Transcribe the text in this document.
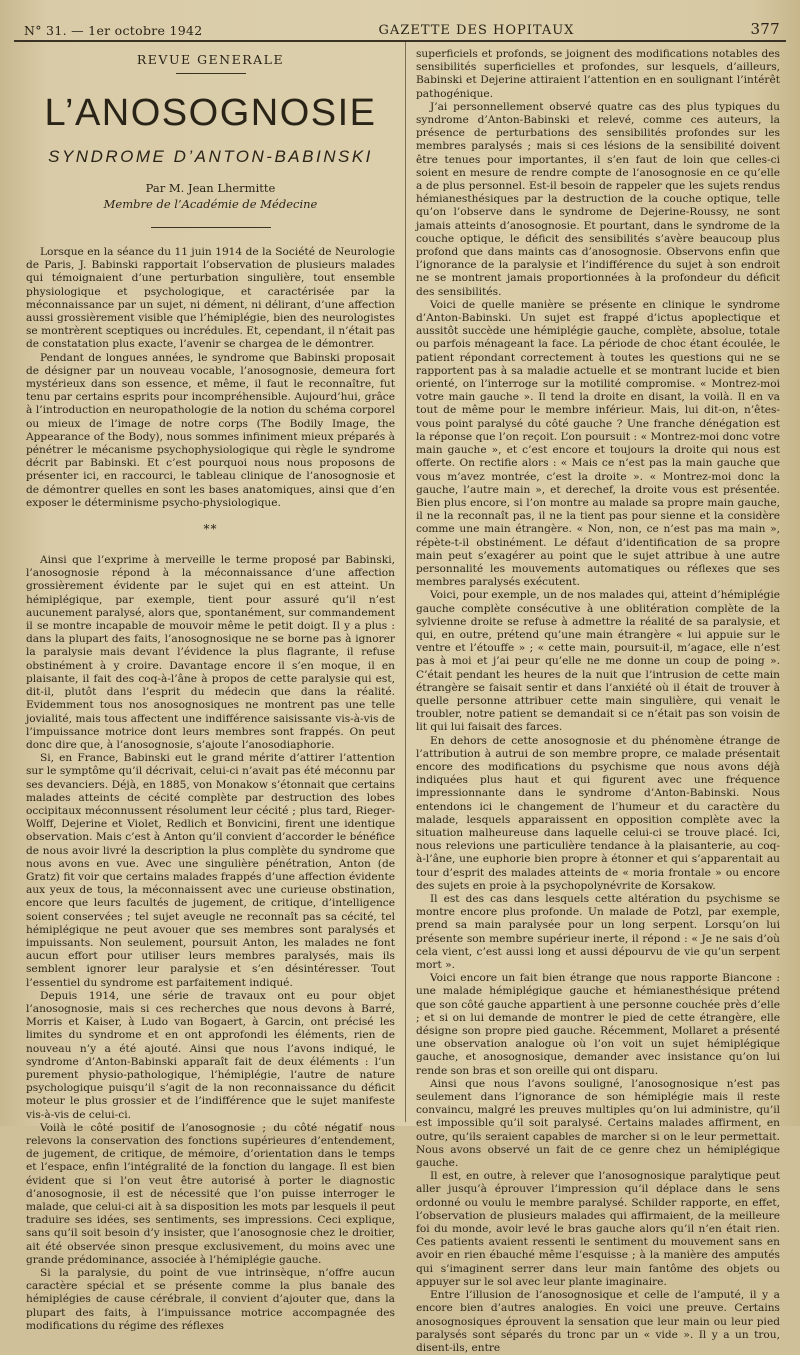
N° 31. — 1er octobre 1942	GAZETTE DES HOPITAUX	377
REVUE GENERALE
L’ANOSOGNOSIE
SYNDROME D’ANTON-BABINSKI

Par M. Jean Lhermitte

Membre de l’Académie de Médecine

Lorsque en la séance du 11 juin 1914 de la Société de Neurologie de Paris, J. Babinski rapportait l’observation de plusieurs malades qui témoignaient d’une perturbation singulière, tout ensemble physiologique et psychologique, et caractérisée par la méconnaissance par un sujet, ni dément, ni délirant, d’une affection aussi grossièrement visible que l’hémiplégie, bien des neurologistes se montrèrent sceptiques ou incrédules. Et, cependant, il n’était pas de constatation plus exacte, l’avenir se chargea de le démontrer.

Pendant de longues années, le syndrome que Babinski proposait de désigner par un nouveau vocable, l’anosognosie, demeura fort mystérieux dans son essence, et même, il faut le reconnaître, fut tenu par certains esprits pour incompréhensible. Aujourd’hui, grâce à l’introduction en neuropathologie de la notion du schéma corporel ou mieux de l’image de notre corps (The Bodily Image, the Appearance of the Body), nous sommes infiniment mieux préparés à pénétrer le mécanisme psychophysiologique qui règle le syndrome décrit par Babinski. Et c’est pourquoi nous nous proposons de présenter ici, en raccourci, le tableau clinique de l’anosognosie et de démontrer quelles en sont les bases anatomiques, ainsi que d’en exposer le déterminisme psycho-physiologique.

**

Ainsi que l’exprime à merveille le terme proposé par Babinski, l’anosognosie répond à la méconnaissance d’une affection grossièrement évidente par le sujet qui en est atteint. Un hémiplégique, par exemple, tient pour assuré qu’il n’est aucunement paralysé, alors que, spontanément, sur commandement il se montre incapable de mouvoir même le petit doigt. Il y a plus : dans la plupart des faits, l’anosognosique ne se borne pas à ignorer la paralysie mais devant l’évidence la plus flagrante, il refuse obstinément à y croire. Davantage encore il s’en moque, il en plaisante, il fait des coq-à-l’âne à propos de cette paralysie qui est, dit-il, plutôt dans l’esprit du médecin que dans la réalité. Evidemment tous nos anosognosiques ne montrent pas une telle jovialité, mais tous affectent une indifférence saisissante vis-à-vis de l’impuissance motrice dont leurs membres sont frappés. On peut donc dire que, à l’anosognosie, s’ajoute l’anosodiaphorie.

Si, en France, Babinski eut le grand mérite d’attirer l’attention sur le symptôme qu’il décrivait, celui-ci n’avait pas été méconnu par ses devanciers. Déjà, en 1885, von Monakow s’étonnait que certains malades atteints de cécité complète par destruction des lobes occipitaux méconnussent résolument leur cécité ; plus tard, Rieger-Wolff, Dejerine et Violet, Redlich et Bonvicini, firent une identique observation. Mais c’est à Anton qu’il convient d’accorder le bénéfice de nous avoir livré la description la plus complète du syndrome que nous avons en vue. Avec une singulière pénétration, Anton (de Gratz) fit voir que certains malades frappés d’une affection évidente aux yeux de tous, la méconnaissent avec une curieuse obstination, encore que leurs facultés de jugement, de critique, d’intelligence soient conservées ; tel sujet aveugle ne reconnaît pas sa cécité, tel hémiplégique ne peut avouer que ses membres sont paralysés et impuissants. Non seulement, poursuit Anton, les malades ne font aucun effort pour utiliser leurs membres paralysés, mais ils semblent ignorer leur paralysie et s’en désintéresser. Tout l’essentiel du syndrome est parfaitement indiqué.

Depuis 1914, une série de travaux ont eu pour objet l’anosognosie, mais si ces recherches que nous devons à Barré, Morris et Kaiser, à Ludo van Bogaert, à Garcin, ont précisé les limites du syndrome et en ont approfondi les éléments, rien de nouveau n’y a été ajouté. Ainsi que nous l’avons indiqué, le syndrome d’Anton-Babinski apparaît fait de deux éléments : l’un purement physio-pathologique, l’hémiplégie, l’autre de nature psychologique puisqu’il s’agit de la non reconnaissance du déficit moteur le plus grossier et de l’indifférence que le sujet manifeste vis-à-vis de celui-ci.

Voilà le côté positif de l’anosognosie ; du côté négatif nous relevons la conservation des fonctions supérieures d’entendement, de jugement, de critique, de mémoire, d’orientation dans le temps et l’espace, enfin l’intégralité de la fonction du langage. Il est bien évident que si l’on veut être autorisé à porter le diagnostic d’anosognosie, il est de nécessité que l’on puisse interroger le malade, que celui-ci ait à sa disposition les mots par lesquels il peut traduire ses idées, ses sentiments, ses impressions. Ceci explique, sans qu’il soit besoin d’y insister, que l’anosognosie chez le droitier, ait été observée sinon presque exclusivement, du moins avec une grande prédominance, associée à l’hémiplégie gauche.

Si la paralysie, du point de vue intrinsèque, n’offre aucun caractère spécial et se présente comme la plus banale des hémiplégies de cause cérébrale, il convient d’ajouter que, dans la plupart des faits, à l’impuissance motrice accompagnée des modifications du régime des réflexes

superficiels et profonds, se joignent des modifications notables des sensibilités superficielles et profondes, sur lesquels, d’ailleurs, Babinski et Dejerine attiraient l’attention en en soulignant l’intérêt pathogénique.

J’ai personnellement observé quatre cas des plus typiques du syndrome d’Anton-Babinski et relevé, comme ces auteurs, la présence de perturbations des sensibilités profondes sur les membres paralysés ; mais si ces lésions de la sensibilité doivent être tenues pour importantes, il s’en faut de loin que celles-ci soient en mesure de rendre compte de l’anosognosie en ce qu’elle a de plus personnel. Est-il besoin de rappeler que les sujets rendus hémianesthésiques par la destruction de la couche optique, telle qu’on l’observe dans le syndrome de Dejerine-Roussy, ne sont jamais atteints d’anosognosie. Et pourtant, dans le syndrome de la couche optique, le déficit des sensibilités s’avère beaucoup plus profond que dans maints cas d’anosognosie. Observons enfin que l’ignorance de la paralysie et l’indifférence du sujet à son endroit ne se montrent jamais proportionnées à la profondeur du déficit des sensibilités.

Voici de quelle manière se présente en clinique le syndrome d’Anton-Babinski. Un sujet est frappé d’ictus apoplectique et aussitôt succède une hémiplégie gauche, complète, absolue, totale ou parfois ménageant la face. La période de choc étant écoulée, le patient répondant correctement à toutes les questions qui ne se rapportent pas à sa maladie actuelle et se montrant lucide et bien orienté, on l’interroge sur la motilité compromise. « Montrez-moi votre main gauche ». Il tend la droite en disant, la voilà. Il en va tout de même pour le membre inférieur. Mais, lui dit-on, n’êtes-vous point paralysé du côté gauche ? Une franche dénégation est la réponse que l’on reçoit. L’on poursuit : « Montrez-moi donc votre main gauche », et c’est encore et toujours la droite qui nous est offerte. On rectifie alors : « Mais ce n’est pas la main gauche que vous m’avez montrée, c’est la droite ». « Montrez-moi donc la gauche, l’autre main », et derechef, la droite vous est présentée. Bien plus encore, si l’on montre au malade sa propre main gauche, il ne la reconnaît pas, il ne la tient pas pour sienne et la considère comme une main étrangère. « Non, non, ce n’est pas ma main », répète-t-il obstinément. Le défaut d’identification de sa propre main peut s’exagérer au point que le sujet attribue à une autre personnalité les mouvements automatiques ou réflexes que ses membres paralysés exécutent.

Voici, pour exemple, un de nos malades qui, atteint d’hémiplégie gauche complète consécutive à une oblitération complète de la sylvienne droite se refuse à admettre la réalité de sa paralysie, et qui, en outre, prétend qu’une main étrangère « lui appuie sur le ventre et l’étouffe » ; « cette main, poursuit-il, m’agace, elle n’est pas à moi et j’ai peur qu’elle ne me donne un coup de poing ». C’était pendant les heures de la nuit que l’intrusion de cette main étrangère se faisait sentir et dans l’anxiété où il était de trouver à quelle personne attribuer cette main singulière, qui venait le troubler, notre patient se demandait si ce n’était pas son voisin de lit qui lui faisait des farces.

En dehors de cette anosognosie et du phénomène étrange de l’attribution à autrui de son membre propre, ce malade présentait encore des modifications du psychisme que nous avons déjà indiquées plus haut et qui figurent avec une fréquence impressionnante dans le syndrome d’Anton-Babinski. Nous entendons ici le changement de l’humeur et du caractère du malade, lesquels apparaissent en opposition complète avec la situation malheureuse dans laquelle celui-ci se trouve placé. Ici, nous relevions une particulière tendance à la plaisanterie, au coq-à-l’âne, une euphorie bien propre à étonner et qui s’apparentait au tour d’esprit des malades atteints de « moria frontale » ou encore des sujets en proie à la psychopolynévrite de Korsakow.

Il est des cas dans lesquels cette altération du psychisme se montre encore plus profonde. Un malade de Potzl, par exemple, prend sa main paralysée pour un long serpent. Lorsqu’on lui présente son membre supérieur inerte, il répond : « Je ne sais d’où cela vient, c’est aussi long et aussi dépourvu de vie qu’un serpent mort ».

Voici encore un fait bien étrange que nous rapporte Biancone : une malade hémiplégique gauche et hémianesthésique prétend que son côté gauche appartient à une personne couchée près d’elle ; et si on lui demande de montrer le pied de cette étrangère, elle désigne son propre pied gauche. Récemment, Mollaret a présenté une observation analogue où l’on voit un sujet hémiplégique gauche, et anosognosique, demander avec insistance qu’on lui rende son bras et son oreille qui ont disparu.

Ainsi que nous l’avons souligné, l’anosognosique n’est pas seulement dans l’ignorance de son hémiplégie mais il reste convaincu, malgré les preuves multiples qu’on lui administre, qu’il est impossible qu’il soit paralysé. Certains malades affirment, en outre, qu’ils seraient capables de marcher si on le leur permettait. Nous avons observé un fait de ce genre chez un hémiplégique gauche.

Il est, en outre, à relever que l’anosognosique paralytique peut aller jusqu’à éprouver l’impression qu’il déplace dans le sens ordonné ou voulu le membre paralysé. Schilder rapporte, en effet, l’observation de plusieurs malades qui affirmaient, de la meilleure foi du monde, avoir levé le bras gauche alors qu’il n’en était rien. Ces patients avaient ressenti le sentiment du mouvement sans en avoir en rien ébauché même l’esquisse ; à la manière des amputés qui s’imaginent serrer dans leur main fantôme des objets ou appuyer sur le sol avec leur plante imaginaire.

Entre l’illusion de l’anosognosique et celle de l’amputé, il y a encore bien d’autres analogies. En voici une preuve. Certains anosognosiques éprouvent la sensation que leur main ou leur pied paralysés sont séparés du tronc par un « vide ». Il y a un trou, disent-ils, entre
